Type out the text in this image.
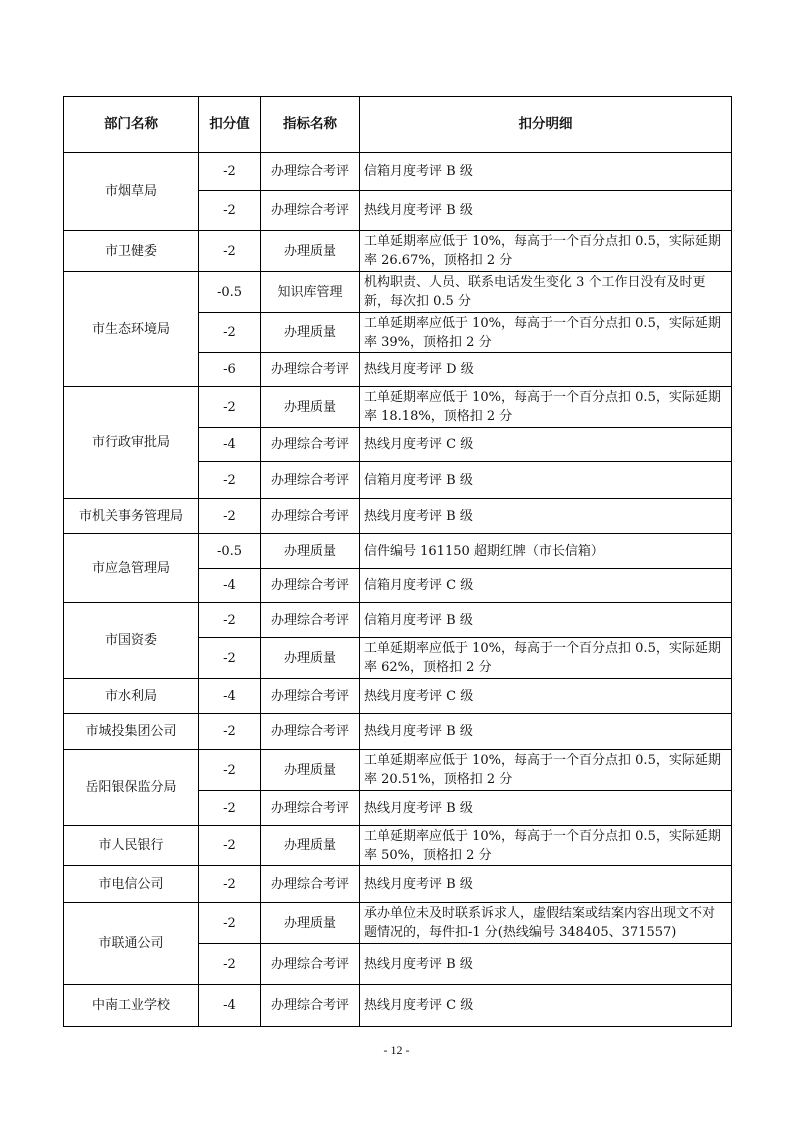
部门名称	扣分值	指标名称	扣分明细
市烟草局	-2	办理综合考评	信箱月度考评 B 级
	-2	办理综合考评	热线月度考评 B 级
市卫健委	-2	办理质量	工单延期率应低于 10%，每高于一个百分点扣 0.5，实际延期率 26.67%，顶格扣 2 分
市生态环境局	-0.5	知识库管理	机构职责、人员、联系电话发生变化 3 个工作日没有及时更新，每次扣 0.5 分
	-2	办理质量	工单延期率应低于 10%，每高于一个百分点扣 0.5，实际延期率 39%，顶格扣 2 分
	-6	办理综合考评	热线月度考评 D 级
市行政审批局	-2	办理质量	工单延期率应低于 10%，每高于一个百分点扣 0.5，实际延期率 18.18%，顶格扣 2 分
	-4	办理综合考评	热线月度考评 C 级
	-2	办理综合考评	信箱月度考评 B 级
市机关事务管理局	-2	办理综合考评	热线月度考评 B 级
市应急管理局	-0.5	办理质量	信件编号 161150 超期红牌（市长信箱）
	-4	办理综合考评	信箱月度考评 C 级
市国资委	-2	办理综合考评	信箱月度考评 B 级
	-2	办理质量	工单延期率应低于 10%，每高于一个百分点扣 0.5，实际延期率 62%，顶格扣 2 分
市水利局	-4	办理综合考评	热线月度考评 C 级
市城投集团公司	-2	办理综合考评	热线月度考评 B 级
岳阳银保监分局	-2	办理质量	工单延期率应低于 10%，每高于一个百分点扣 0.5，实际延期率 20.51%，顶格扣 2 分
	-2	办理综合考评	热线月度考评 B 级
市人民银行	-2	办理质量	工单延期率应低于 10%，每高于一个百分点扣 0.5，实际延期率 50%，顶格扣 2 分
市电信公司	-2	办理综合考评	热线月度考评 B 级
市联通公司	-2	办理质量	承办单位未及时联系诉求人，虚假结案或结案内容出现文不对题情况的，每件扣-1 分(热线编号 348405、371557)
	-2	办理综合考评	热线月度考评 B 级
中南工业学校	-4	办理综合考评	热线月度考评 C 级
- 12 -
